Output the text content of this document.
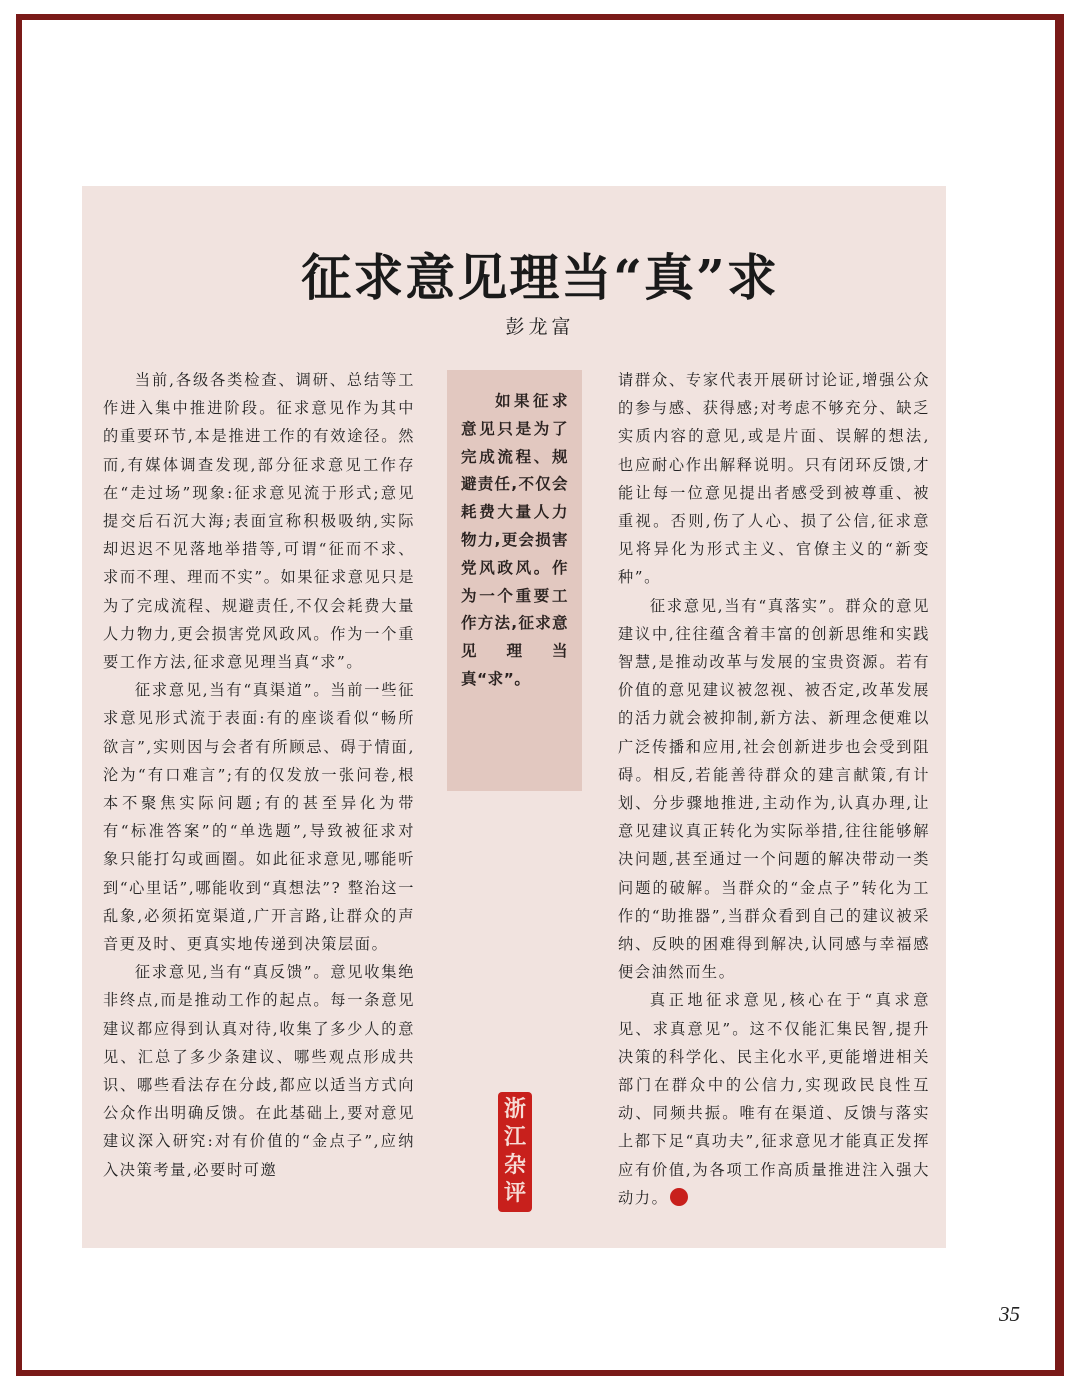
征求意见理当“真”求
彭龙富

当前,各级各类检查、调研、总结等工作进入集中推进阶段。征求意见作为其中的重要环节,本是推进工作的有效途径。然而,有媒体调查发现,部分征求意见工作存在“走过场”现象:征求意见流于形式;意见提交后石沉大海;表面宣称积极吸纳,实际却迟迟不见落地举措等,可谓“征而不求、求而不理、理而不实”。如果征求意见只是为了完成流程、规避责任,不仅会耗费大量人力物力,更会损害党风政风。作为一个重要工作方法,征求意见理当真“求”。

征求意见,当有“真渠道”。当前一些征求意见形式流于表面:有的座谈看似“畅所欲言”,实则因与会者有所顾忌、碍于情面,沦为“有口难言”;有的仅发放一张问卷,根本不聚焦实际问题;有的甚至异化为带有“标准答案”的“单选题”,导致被征求对象只能打勾或画圈。如此征求意见,哪能听到“心里话”,哪能收到“真想法”? 整治这一乱象,必须拓宽渠道,广开言路,让群众的声音更及时、更真实地传递到决策层面。

征求意见,当有“真反馈”。意见收集绝非终点,而是推动工作的起点。每一条意见建议都应得到认真对待,收集了多少人的意见、汇总了多少条建议、哪些观点形成共识、哪些看法存在分歧,都应以适当方式向公众作出明确反馈。在此基础上,要对意见建议深入研究:对有价值的“金点子”,应纳入决策考量,必要时可邀

如果征求意见只是为了完成流程、规避责任,不仅会耗费大量人力物力,更会损害党风政风。作为一个重要工作方法,征求意见理当真“求”。
浙
江
杂
评

请群众、专家代表开展研讨论证,增强公众的参与感、获得感;对考虑不够充分、缺乏实质内容的意见,或是片面、误解的想法,也应耐心作出解释说明。只有闭环反馈,才能让每一位意见提出者感受到被尊重、被重视。否则,伤了人心、损了公信,征求意见将异化为形式主义、官僚主义的“新变种”。

征求意见,当有“真落实”。群众的意见建议中,往往蕴含着丰富的创新思维和实践智慧,是推动改革与发展的宝贵资源。若有价值的意见建议被忽视、被否定,改革发展的活力就会被抑制,新方法、新理念便难以广泛传播和应用,社会创新进步也会受到阻碍。相反,若能善待群众的建言献策,有计划、分步骤地推进,主动作为,认真办理,让意见建议真正转化为实际举措,往往能够解决问题,甚至通过一个问题的解决带动一类问题的破解。当群众的“金点子”转化为工作的“助推器”,当群众看到自己的建议被采纳、反映的困难得到解决,认同感与幸福感便会油然而生。

真正地征求意见,核心在于“真求意见、求真意见”。这不仅能汇集民智,提升决策的科学化、民主化水平,更能增进相关部门在群众中的公信力,实现政民良性互动、同频共振。唯有在渠道、反馈与落实上都下足“真功夫”,征求意见才能真正发挥应有价值,为各项工作高质量推进注入强大动力。

35
